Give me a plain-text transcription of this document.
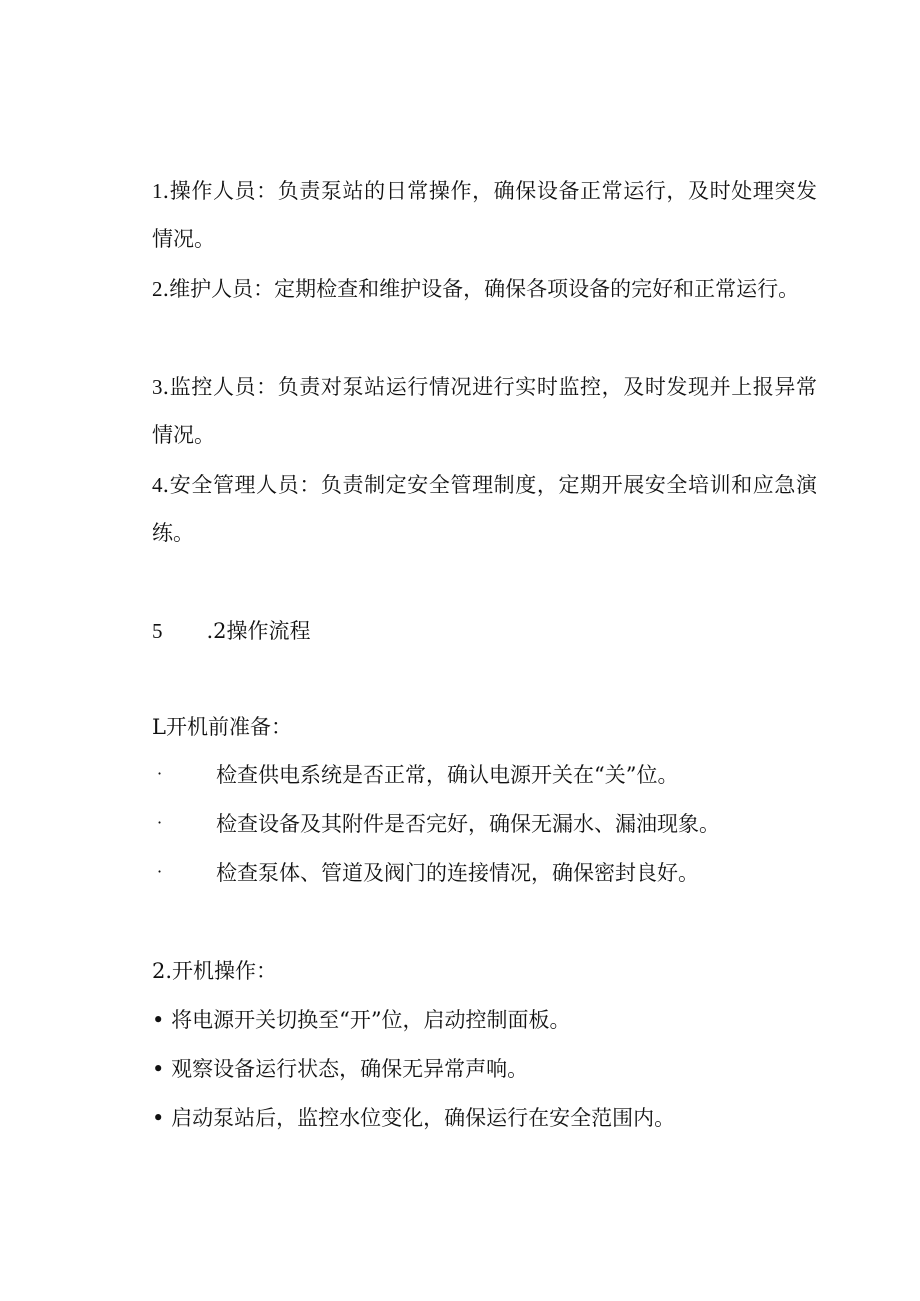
1.操作人员：负责泵站的日常操作，确保设备正常运行，及时处理突发情况。
2.维护人员：定期检查和维护设备，确保各项设备的完好和正常运行。
3.监控人员：负责对泵站运行情况进行实时监控，及时发现并上报异常情况。
4.安全管理人员：负责制定安全管理制度，定期开展安全培训和应急演练。
5 .2操作流程
L开机前准备：
·	检查供电系统是否正常，确认电源开关在“关”位。
·	检查设备及其附件是否完好，确保无漏水、漏油现象。
·	检查泵体、管道及阀门的连接情况，确保密封良好。
2.开机操作：
• 将电源开关切换至“开”位，启动控制面板。
• 观察设备运行状态，确保无异常声响。
• 启动泵站后，监控水位变化，确保运行在安全范围内。
